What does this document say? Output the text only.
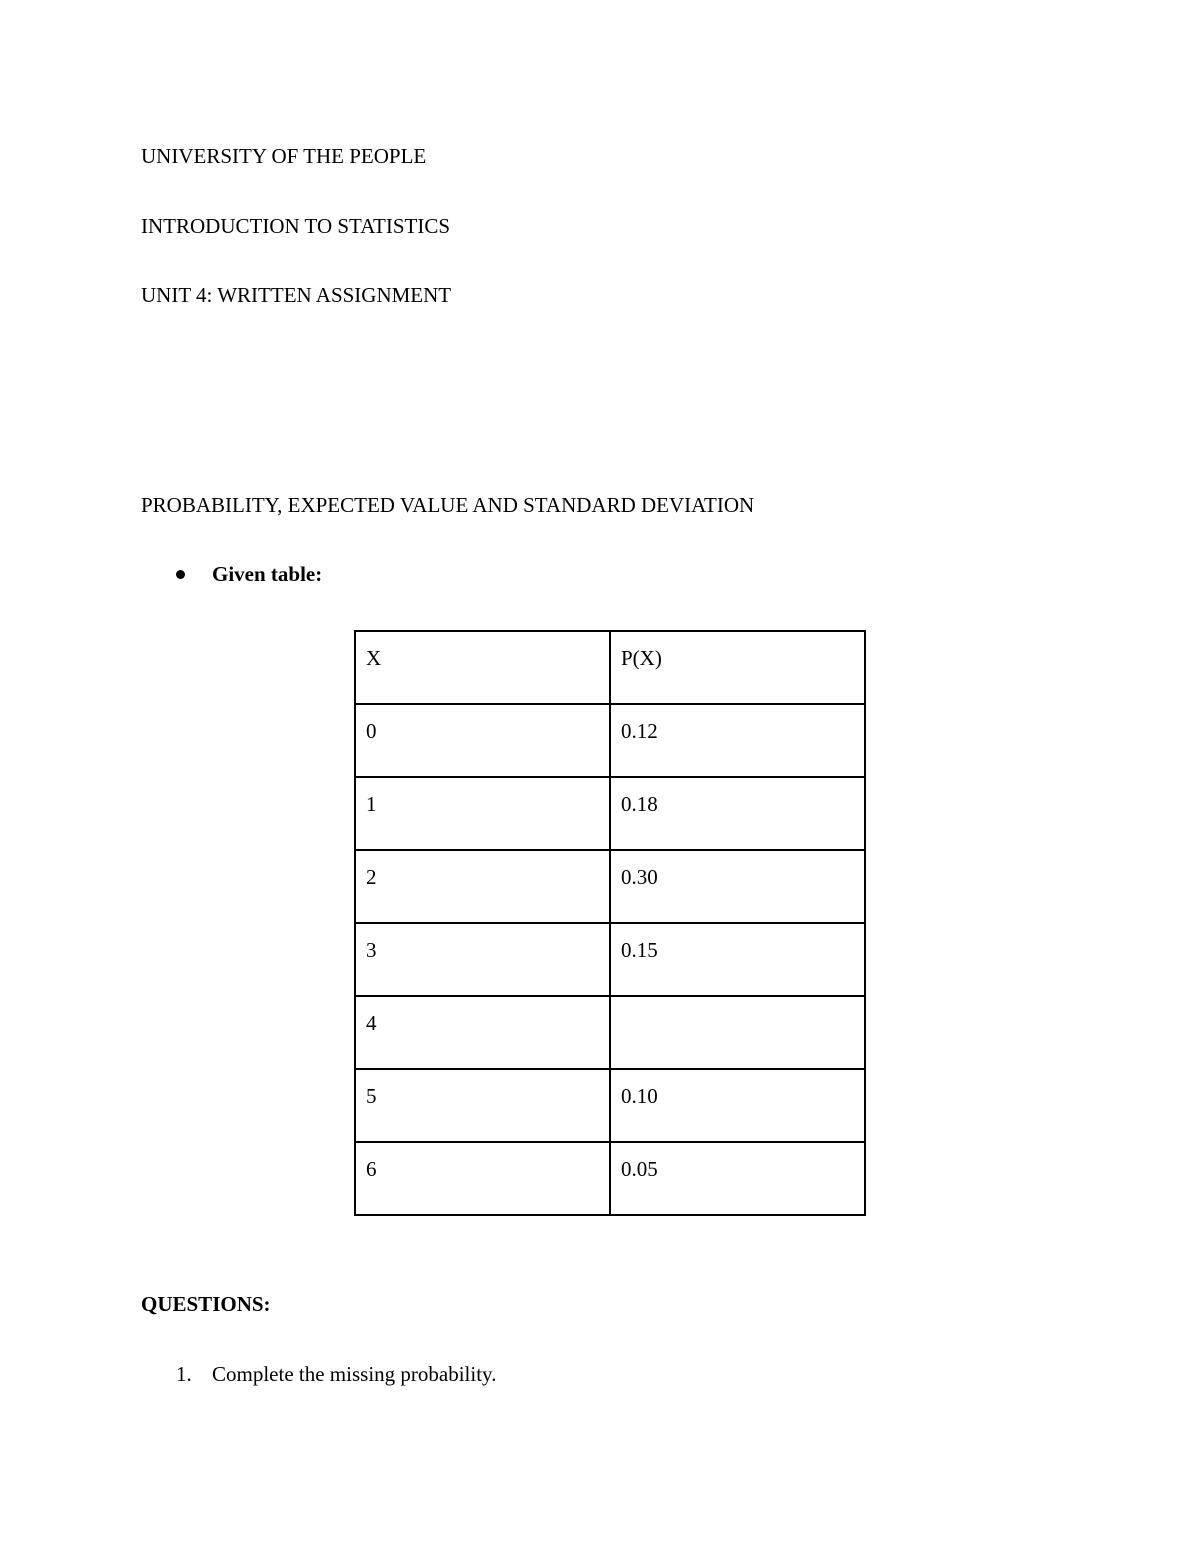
UNIVERSITY OF THE PEOPLE
INTRODUCTION TO STATISTICS
UNIT 4: WRITTEN ASSIGNMENT
PROBABILITY, EXPECTED VALUE AND STANDARD DEVIATION
Given table:
X	P(X)

0	0.12

1	0.18

2	0.30

3	0.15

4	

5	0.10

6	0.05
QUESTIONS:
1. Complete the missing probability.
